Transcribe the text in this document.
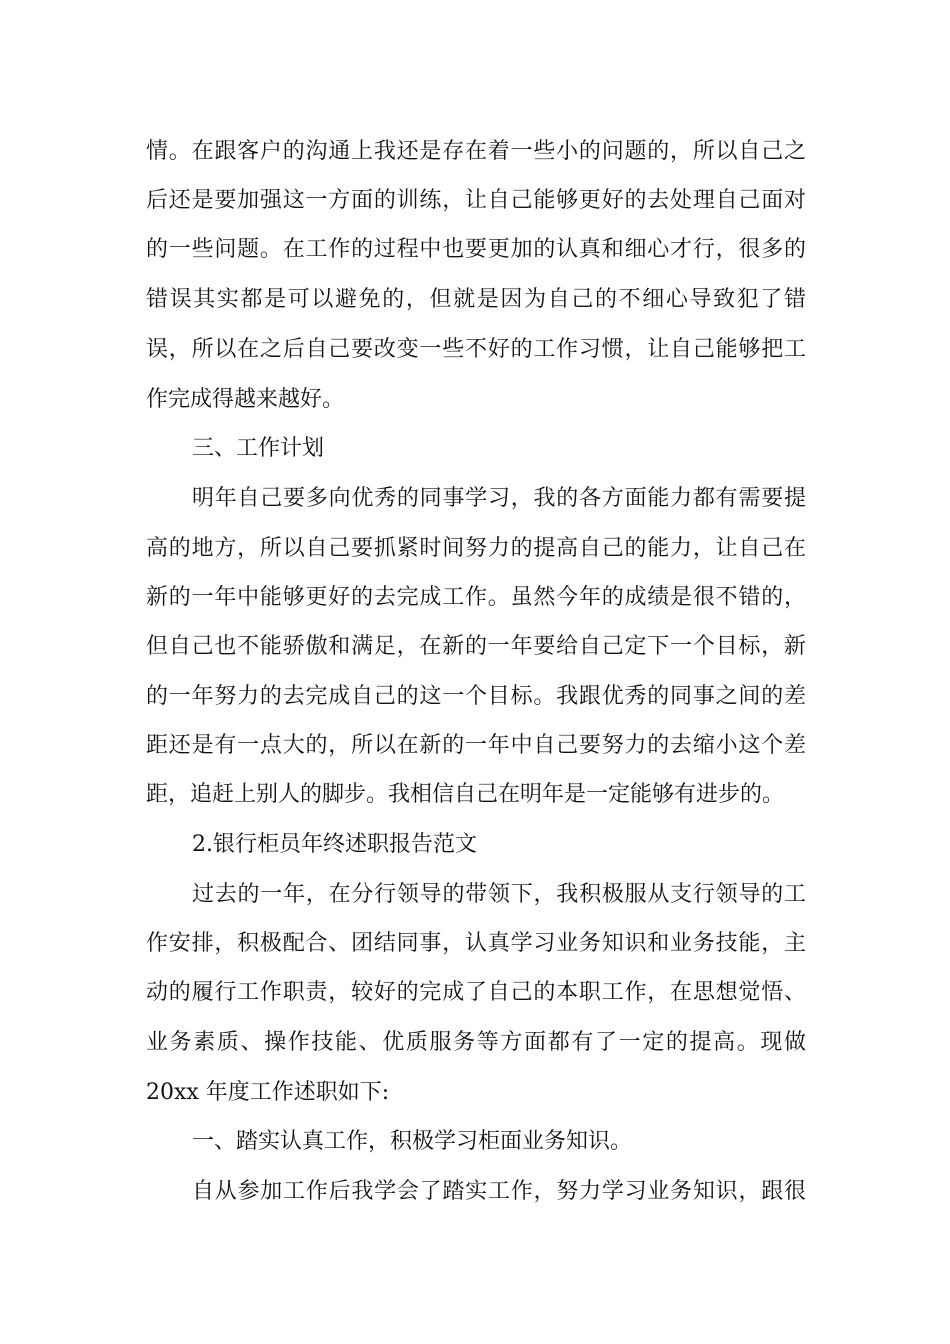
情。在跟客户的沟通上我还是存在着一些小的问题的，所以自己之
后还是要加强这一方面的训练，让自己能够更好的去处理自己面对
的一些问题。在工作的过程中也要更加的认真和细心才行，很多的
错误其实都是可以避免的，但就是因为自己的不细心导致犯了错
误，所以在之后自己要改变一些不好的工作习惯，让自己能够把工
作完成得越来越好。
三、工作计划
明年自己要多向优秀的同事学习，我的各方面能力都有需要提
高的地方，所以自己要抓紧时间努力的提高自己的能力，让自己在
新的一年中能够更好的去完成工作。虽然今年的成绩是很不错的，
但自己也不能骄傲和满足，在新的一年要给自己定下一个目标，新
的一年努力的去完成自己的这一个目标。我跟优秀的同事之间的差
距还是有一点大的，所以在新的一年中自己要努力的去缩小这个差
距，追赶上别人的脚步。我相信自己在明年是一定能够有进步的。
2.银行柜员年终述职报告范文
过去的一年，在分行领导的带领下，我积极服从支行领导的工
作安排，积极配合、团结同事，认真学习业务知识和业务技能，主
动的履行工作职责，较好的完成了自己的本职工作，在思想觉悟、
业务素质、操作技能、优质服务等方面都有了一定的提高。现做
20xx 年度工作述职如下:
一、踏实认真工作，积极学习柜面业务知识。
自从参加工作后我学会了踏实工作，努力学习业务知识，跟很
